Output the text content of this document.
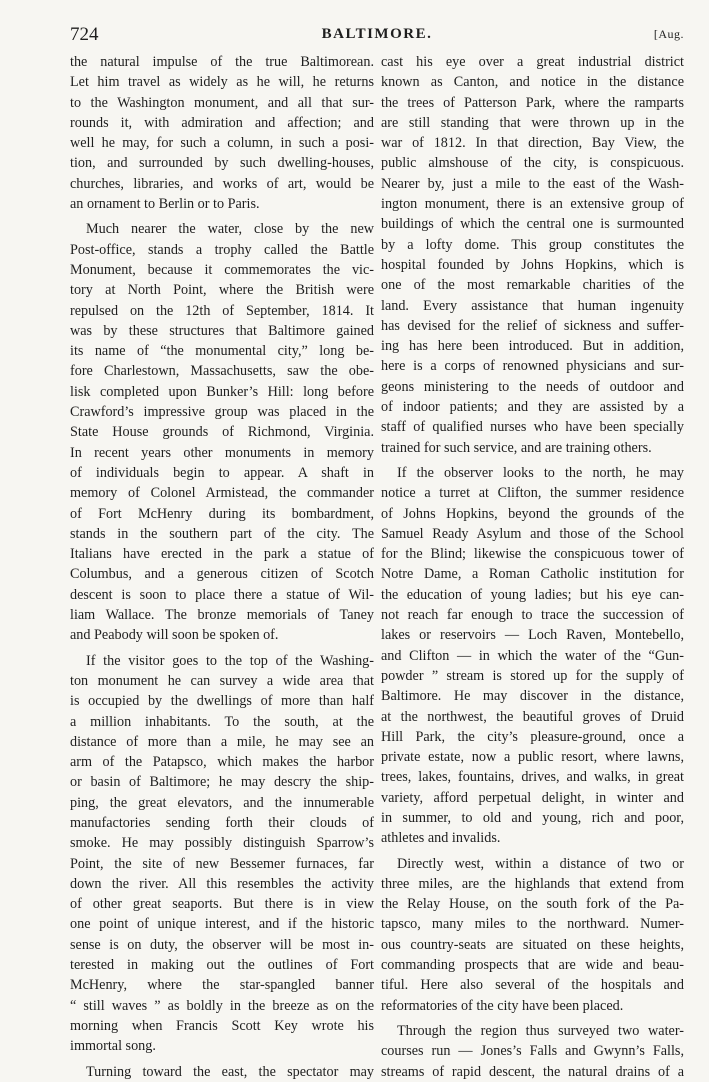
724	BALTIMORE.	[Aug.
the natural impulse of the true Baltimorean.
Let him travel as widely as he will, he returns
to the Washington monument, and all that sur-
rounds it, with admiration and affection; and
well he may, for such a column, in such a posi-
tion, and surrounded by such dwelling-houses,
churches, libraries, and works of art, would be
an ornament to Berlin or to Paris.
Much nearer the water, close by the new
Post-office, stands a trophy called the Battle
Monument, because it commemorates the vic-
tory at North Point, where the British were
repulsed on the 12th of September, 1814. It
was by these structures that Baltimore gained
its name of “the monumental city,” long be-
fore Charlestown, Massachusetts, saw the obe-
lisk completed upon Bunker’s Hill: long before
Crawford’s impressive group was placed in the
State House grounds of Richmond, Virginia.
In recent years other monuments in memory
of individuals begin to appear. A shaft in
memory of Colonel Armistead, the commander
of Fort McHenry during its bombardment,
stands in the southern part of the city. The
Italians have erected in the park a statue of
Columbus, and a generous citizen of Scotch
descent is soon to place there a statue of Wil-
liam Wallace. The bronze memorials of Taney
and Peabody will soon be spoken of.
If the visitor goes to the top of the Washing-
ton monument he can survey a wide area that
is occupied by the dwellings of more than half
a million inhabitants. To the south, at the
distance of more than a mile, he may see an
arm of the Patapsco, which makes the harbor
or basin of Baltimore; he may descry the ship-
ping, the great elevators, and the innumerable
manufactories sending forth their clouds of
smoke. He may possibly distinguish Sparrow’s
Point, the site of new Bessemer furnaces, far
down the river. All this resembles the activity
of other great seaports. But there is in view
one point of unique interest, and if the historic
sense is on duty, the observer will be most in-
terested in making out the outlines of Fort
McHenry, where the star-spangled banner
“ still waves ” as boldly in the breeze as on the
morning when Francis Scott Key wrote his
immortal song.
Turning toward the east, the spectator may
cast his eye over a great industrial district
known as Canton, and notice in the distance
the trees of Patterson Park, where the ramparts
are still standing that were thrown up in the
war of 1812. In that direction, Bay View, the
public almshouse of the city, is conspicuous.
Nearer by, just a mile to the east of the Wash-
ington monument, there is an extensive group of
buildings of which the central one is surmounted
by a lofty dome. This group constitutes the
hospital founded by Johns Hopkins, which is
one of the most remarkable charities of the
land. Every assistance that human ingenuity
has devised for the relief of sickness and suffer-
ing has here been introduced. But in addition,
here is a corps of renowned physicians and sur-
geons ministering to the needs of outdoor and
of indoor patients; and they are assisted by a
staff of qualified nurses who have been specially
trained for such service, and are training others.
If the observer looks to the north, he may
notice a turret at Clifton, the summer residence
of Johns Hopkins, beyond the grounds of the
Samuel Ready Asylum and those of the School
for the Blind; likewise the conspicuous tower of
Notre Dame, a Roman Catholic institution for
the education of young ladies; but his eye can-
not reach far enough to trace the succession of
lakes or reservoirs — Loch Raven, Montebello,
and Clifton — in which the water of the “Gun-
powder ” stream is stored up for the supply of
Baltimore. He may discover in the distance,
at the northwest, the beautiful groves of Druid
Hill Park, the city’s pleasure-ground, once a
private estate, now a public resort, where lawns,
trees, lakes, fountains, drives, and walks, in great
variety, afford perpetual delight, in winter and
in summer, to old and young, rich and poor,
athletes and invalids.
Directly west, within a distance of two or
three miles, are the highlands that extend from
the Relay House, on the south fork of the Pa-
tapsco, many miles to the northward. Numer-
ous country-seats are situated on these heights,
commanding prospects that are wide and beau-
tiful. Here also several of the hospitals and
reformatories of the city have been placed.
Through the region thus surveyed two water-
courses run — Jones’s Falls and Gwynn’s Falls,
streams of rapid descent, the natural drains of a
